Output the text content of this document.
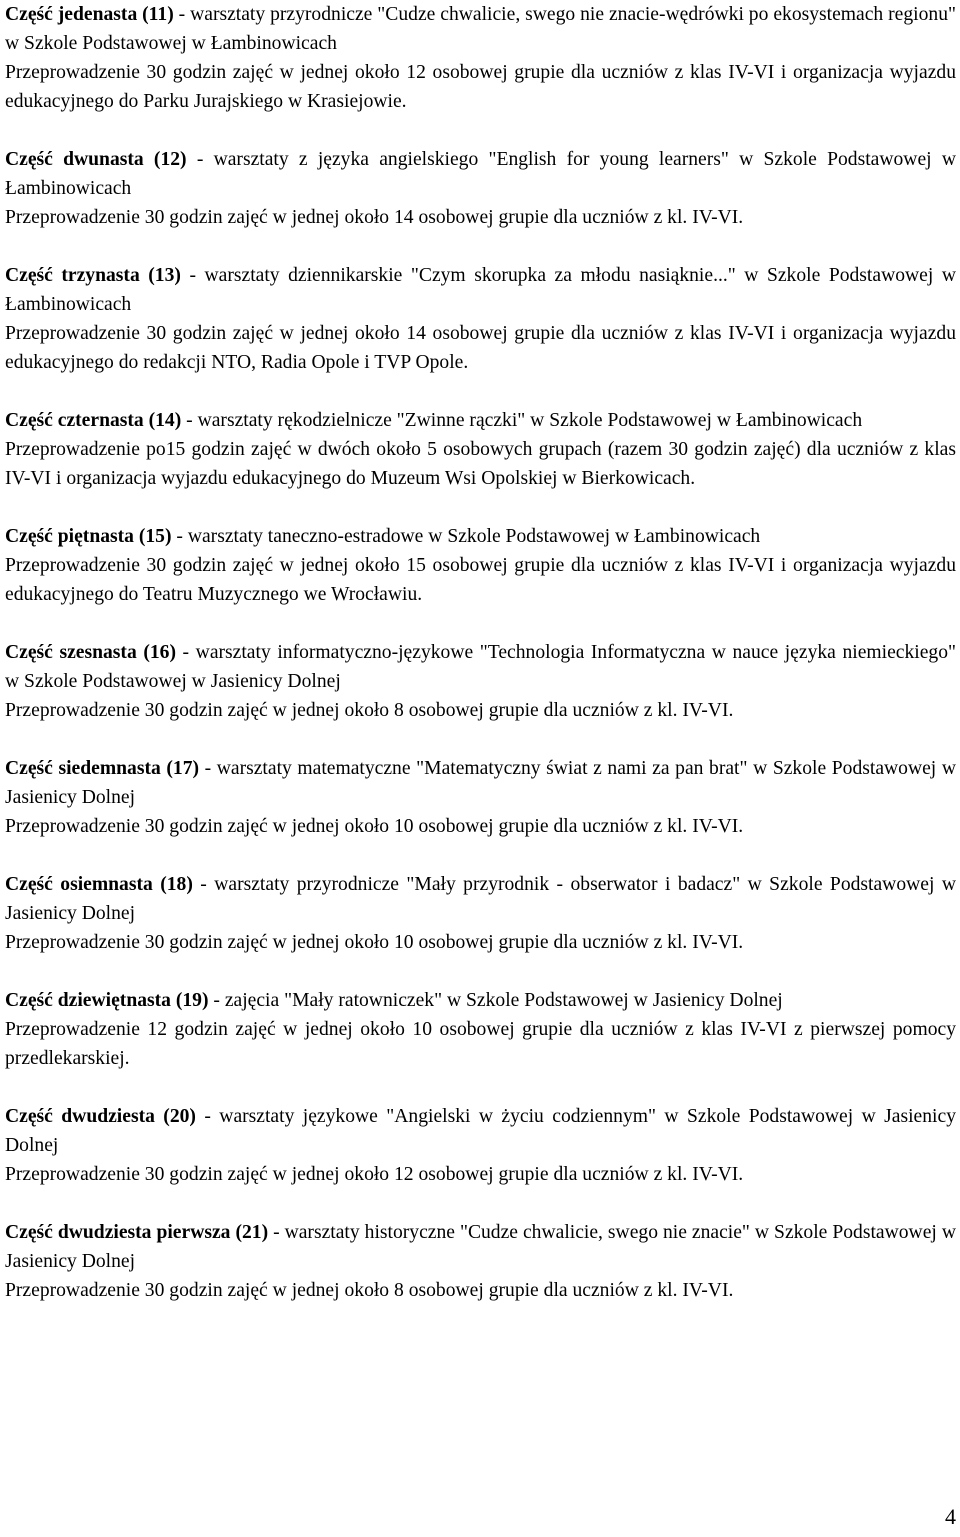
Część jedenasta (11) - warsztaty przyrodnicze "Cudze chwalicie, swego nie znacie-wędrówki po ekosystemach regionu" w Szkole Podstawowej w Łambinowicach

Przeprowadzenie 30 godzin zajęć w jednej około 12 osobowej grupie dla uczniów z klas IV-VI i organizacja wyjazdu edukacyjnego do Parku Jurajskiego w Krasiejowie.

Część dwunasta (12) - warsztaty z języka angielskiego "English for young learners" w Szkole Podstawowej w Łambinowicach

Przeprowadzenie 30 godzin zajęć w jednej około 14 osobowej grupie dla uczniów z kl. IV-VI.

Część trzynasta (13) - warsztaty dziennikarskie "Czym skorupka za młodu nasiąknie..." w Szkole Podstawowej w Łambinowicach

Przeprowadzenie 30 godzin zajęć w jednej około 14 osobowej grupie dla uczniów z klas IV-VI i organizacja wyjazdu edukacyjnego do redakcji NTO, Radia Opole i TVP Opole.

Część czternasta (14) - warsztaty rękodzielnicze "Zwinne rączki" w Szkole Podstawowej w Łambinowicach

Przeprowadzenie po15 godzin zajęć w dwóch około 5 osobowych grupach (razem 30 godzin zajęć) dla uczniów z klas IV-VI i organizacja wyjazdu edukacyjnego do Muzeum Wsi Opolskiej w Bierkowicach.

Część piętnasta (15) - warsztaty taneczno-estradowe w Szkole Podstawowej w Łambinowicach

Przeprowadzenie 30 godzin zajęć w jednej około 15 osobowej grupie dla uczniów z klas IV-VI i organizacja wyjazdu edukacyjnego do Teatru Muzycznego we Wrocławiu.

Część szesnasta (16) - warsztaty informatyczno-językowe "Technologia Informatyczna w nauce języka niemieckiego" w Szkole Podstawowej w Jasienicy Dolnej

Przeprowadzenie 30 godzin zajęć w jednej około 8 osobowej grupie dla uczniów z kl. IV-VI.

Część siedemnasta (17) - warsztaty matematyczne "Matematyczny świat z nami za pan brat" w Szkole Podstawowej w Jasienicy Dolnej

Przeprowadzenie 30 godzin zajęć w jednej około 10 osobowej grupie dla uczniów z kl. IV-VI.

Część osiemnasta (18) - warsztaty przyrodnicze "Mały przyrodnik - obserwator i badacz" w Szkole Podstawowej w Jasienicy Dolnej

Przeprowadzenie 30 godzin zajęć w jednej około 10 osobowej grupie dla uczniów z kl. IV-VI.

Część dziewiętnasta (19) - zajęcia "Mały ratowniczek" w Szkole Podstawowej w Jasienicy Dolnej

Przeprowadzenie 12 godzin zajęć w jednej około 10 osobowej grupie dla uczniów z klas IV-VI z pierwszej pomocy przedlekarskiej.

Część dwudziesta (20) - warsztaty językowe "Angielski w życiu codziennym" w Szkole Podstawowej w Jasienicy Dolnej

Przeprowadzenie 30 godzin zajęć w jednej około 12 osobowej grupie dla uczniów z kl. IV-VI.

Część dwudziesta pierwsza (21) - warsztaty historyczne "Cudze chwalicie, swego nie znacie" w Szkole Podstawowej w Jasienicy Dolnej

Przeprowadzenie 30 godzin zajęć w jednej około 8 osobowej grupie dla uczniów z kl. IV-VI.

4
